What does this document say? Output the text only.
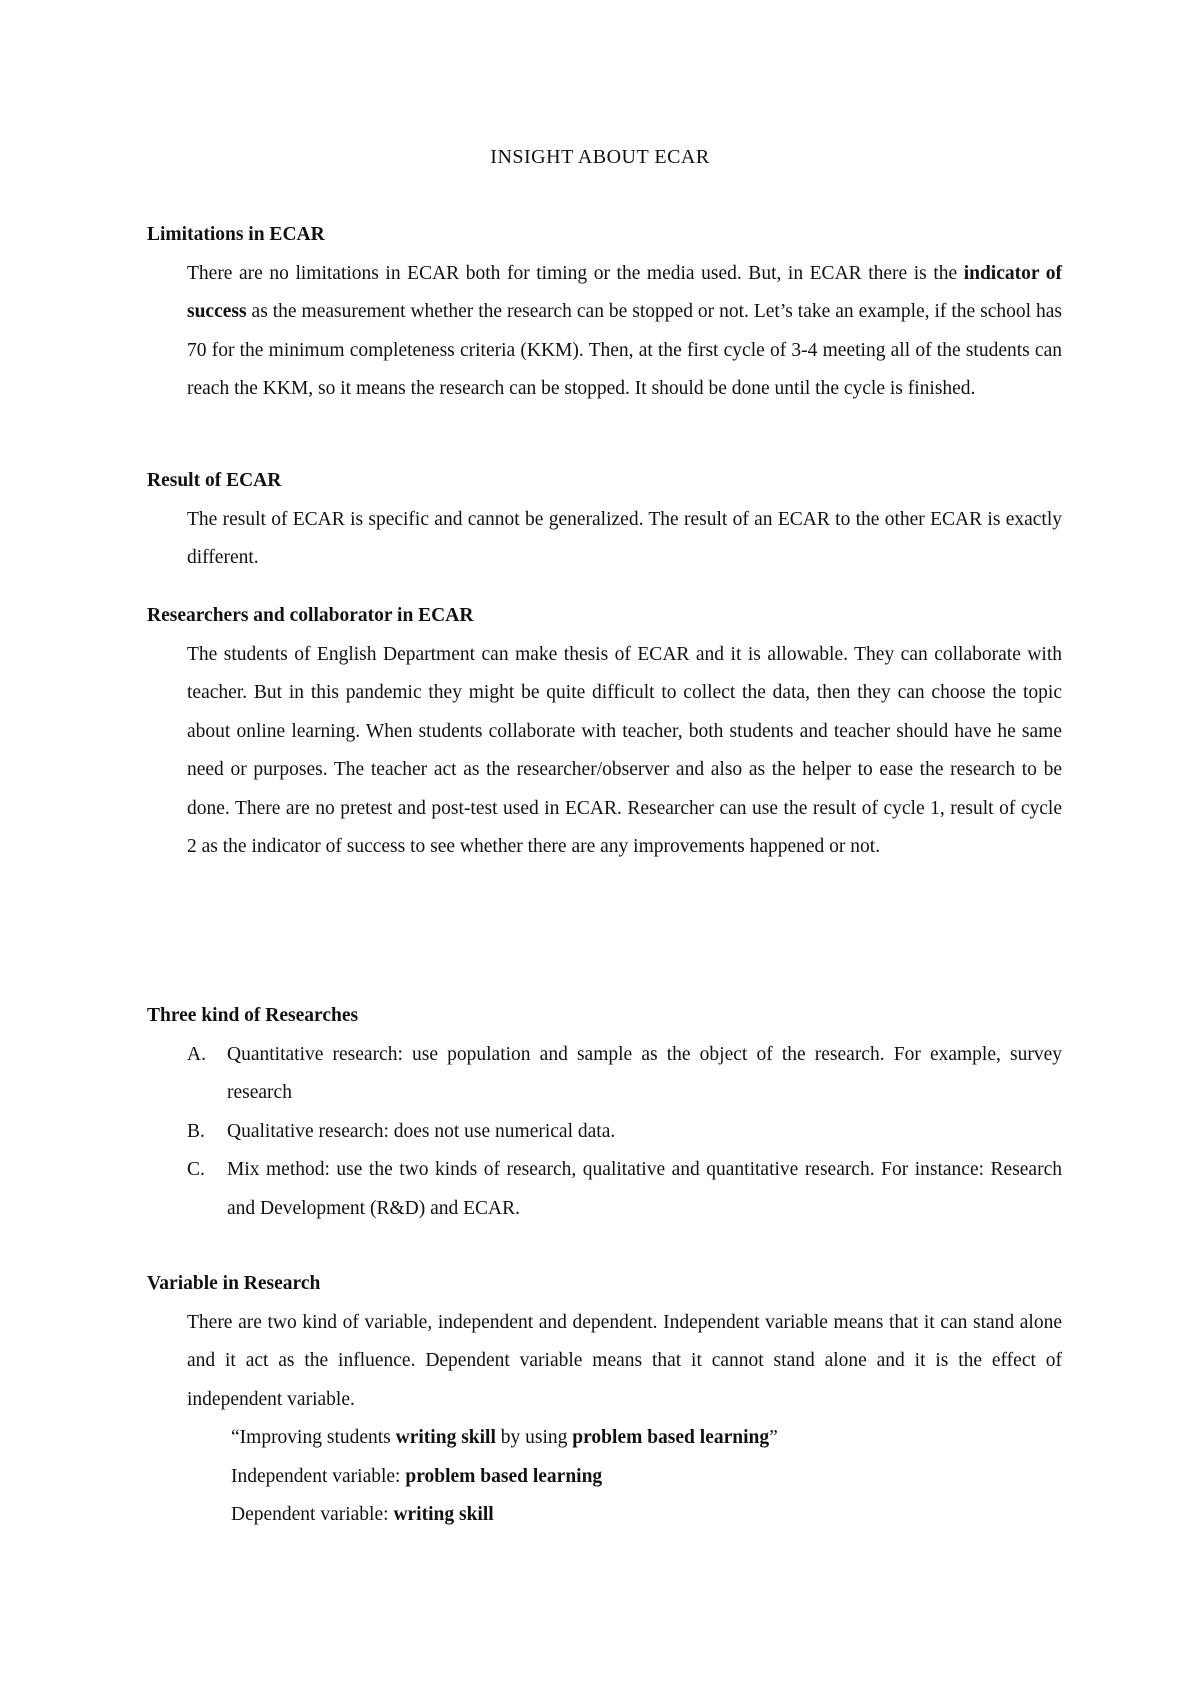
INSIGHT ABOUT ECAR
Limitations in ECAR

There are no limitations in ECAR both for timing or the media used. But, in ECAR there is the indicator of success as the measurement whether the research can be stopped or not. Let’s take an example, if the school has 70 for the minimum completeness criteria (KKM). Then, at the first cycle of 3-4 meeting all of the students can reach the KKM, so it means the research can be stopped. It should be done until the cycle is finished.

Result of ECAR

The result of ECAR is specific and cannot be generalized. The result of an ECAR to the other ECAR is exactly different.

Researchers and collaborator in ECAR

The students of English Department can make thesis of ECAR and it is allowable. They can collaborate with teacher. But in this pandemic they might be quite difficult to collect the data, then they can choose the topic about online learning. When students collaborate with teacher, both students and teacher should have he same need or purposes. The teacher act as the researcher/observer and also as the helper to ease the research to be done. There are no pretest and post-test used in ECAR. Researcher can use the result of cycle 1, result of cycle 2 as the indicator of success to see whether there are any improvements happened or not.

Three kind of Researches
A. Quantitative research: use population and sample as the object of the research. For example, survey research
B. Qualitative research: does not use numerical data.
C. Mix method: use the two kinds of research, qualitative and quantitative research. For instance: Research and Development (R&D) and ECAR.
Variable in Research

There are two kind of variable, independent and dependent. Independent variable means that it can stand alone and it act as the influence. Dependent variable means that it cannot stand alone and it is the effect of independent variable.

“Improving students writing skill by using problem based learning”

Independent variable: problem based learning

Dependent variable: writing skill
